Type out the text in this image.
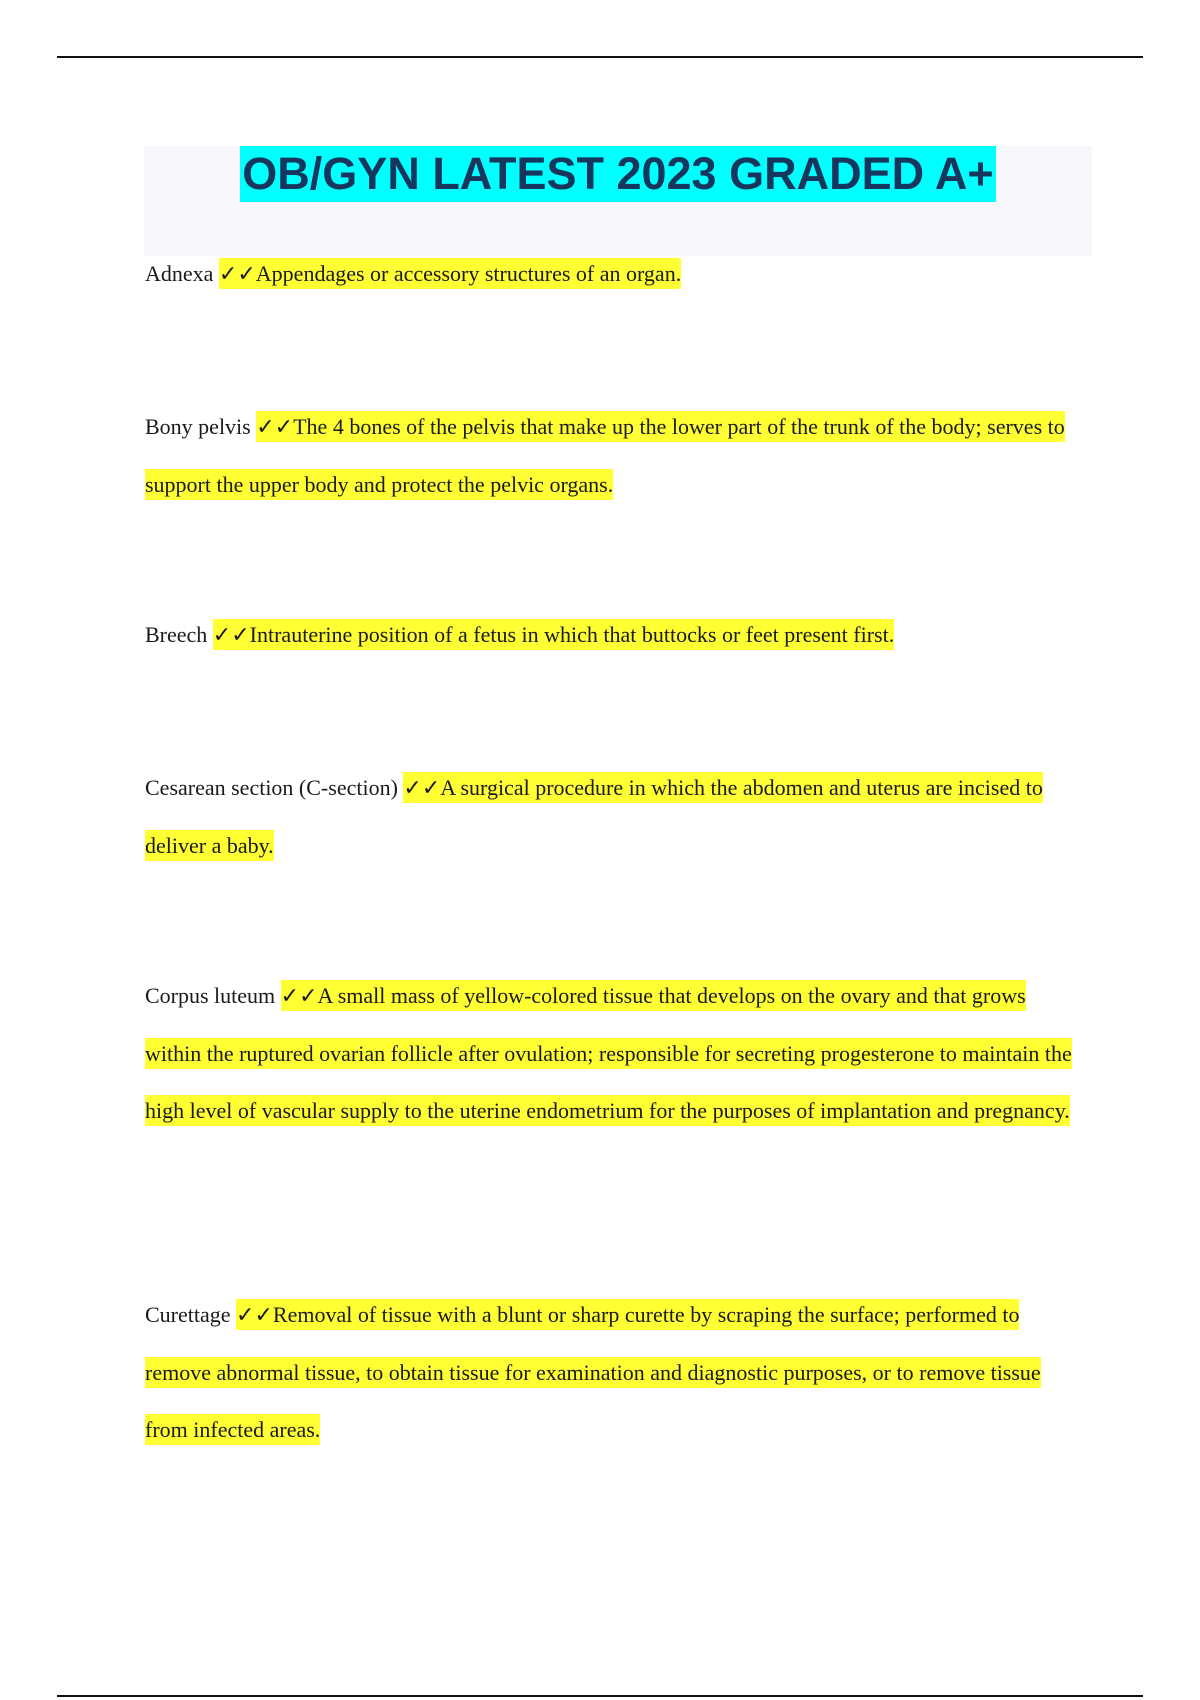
OB/GYN LATEST 2023 GRADED A+
Adnexa ✓✓Appendages or accessory structures of an organ.
Bony pelvis ✓✓The 4 bones of the pelvis that make up the lower part of the trunk of the body; serves to support the upper body and protect the pelvic organs.
Breech ✓✓Intrauterine position of a fetus in which that buttocks or feet present first.
Cesarean section (C-section) ✓✓A surgical procedure in which the abdomen and uterus are incised to deliver a baby.
Corpus luteum ✓✓A small mass of yellow-colored tissue that develops on the ovary and that grows within the ruptured ovarian follicle after ovulation; responsible for secreting progesterone to maintain the high level of vascular supply to the uterine endometrium for the purposes of implantation and pregnancy.
Curettage ✓✓Removal of tissue with a blunt or sharp curette by scraping the surface; performed to remove abnormal tissue, to obtain tissue for examination and diagnostic purposes, or to remove tissue from infected areas.
